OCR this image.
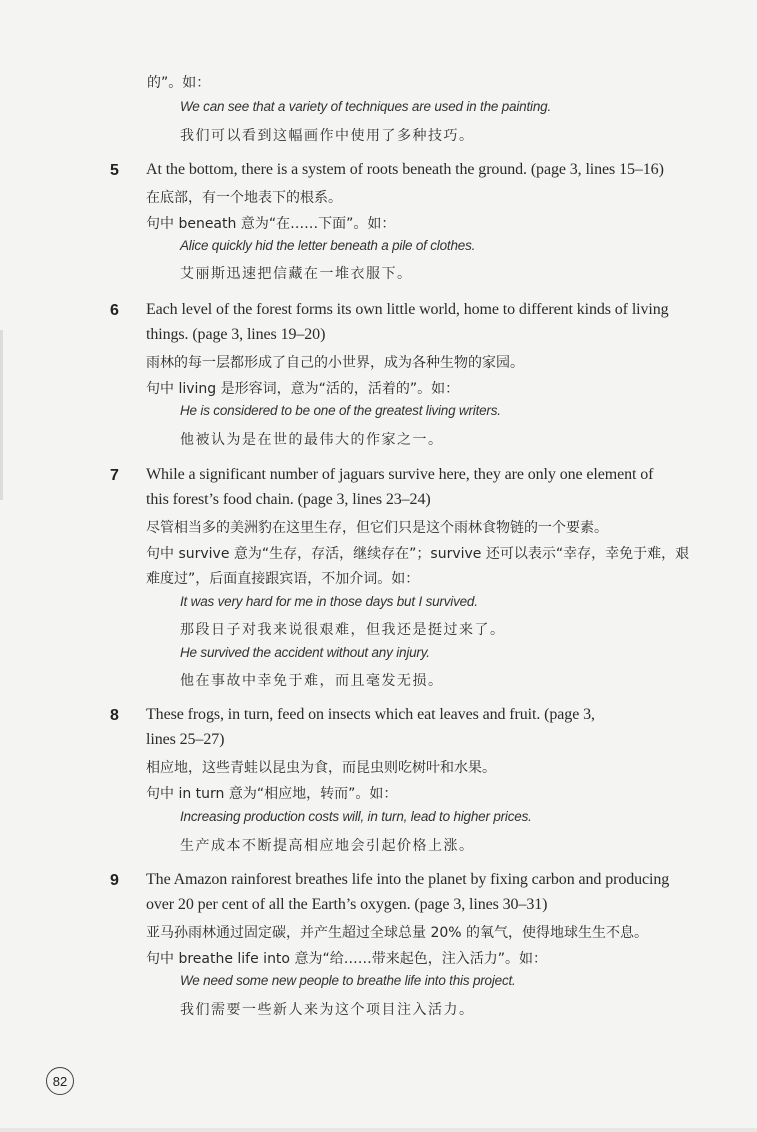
的”。如：
We can see that a variety of techniques are used in the painting.
我们可以看到这幅画作中使用了多种技巧。
5 At the bottom, there is a system of roots beneath the ground. (page 3, lines 15–16)
在底部，有一个地表下的根系。
句中 beneath 意为“在……下面”。如：
Alice quickly hid the letter beneath a pile of clothes.
艾丽斯迅速把信藏在一堆衣服下。
6 Each level of the forest forms its own little world, home to different kinds of living
things. (page 3, lines 19–20)
雨林的每一层都形成了自己的小世界，成为各种生物的家园。
句中 living 是形容词，意为“活的，活着的”。如：
He is considered to be one of the greatest living writers.
他被认为是在世的最伟大的作家之一。
7 While a significant number of jaguars survive here, they are only one element of
this forest’s food chain. (page 3, lines 23–24)
尽管相当多的美洲豹在这里生存，但它们只是这个雨林食物链的一个要素。
句中 survive 意为“生存，存活，继续存在”；survive 还可以表示“幸存，幸免于难，艰
难度过”，后面直接跟宾语，不加介词。如：
It was very hard for me in those days but I survived.
那段日子对我来说很艰难，但我还是挺过来了。
He survived the accident without any injury.
他在事故中幸免于难，而且毫发无损。
8 These frogs, in turn, feed on insects which eat leaves and fruit. (page 3,
lines 25–27)
相应地，这些青蛙以昆虫为食，而昆虫则吃树叶和水果。
句中 in turn 意为“相应地，转而”。如：
Increasing production costs will, in turn, lead to higher prices.
生产成本不断提高相应地会引起价格上涨。
9 The Amazon rainforest breathes life into the planet by fixing carbon and producing
over 20 per cent of all the Earth’s oxygen. (page 3, lines 30–31)
亚马孙雨林通过固定碳，并产生超过全球总量 20% 的氧气，使得地球生生不息。
句中 breathe life into 意为“给……带来起色，注入活力”。如：
We need some new people to breathe life into this project.
我们需要一些新人来为这个项目注入活力。
82
